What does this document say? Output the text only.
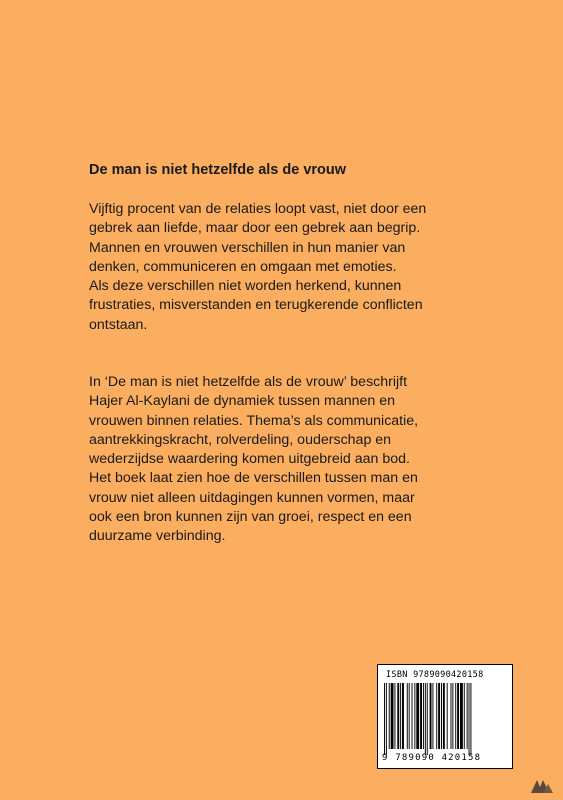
De man is niet hetzelfde als de vrouw
Vijftig procent van de relaties loopt vast, niet door een
gebrek aan liefde, maar door een gebrek aan begrip.
Mannen en vrouwen verschillen in hun manier van
denken, communiceren en omgaan met emoties.
Als deze verschillen niet worden herkend, kunnen
frustraties, misverstanden en terugkerende conflicten
ontstaan.
In ‘De man is niet hetzelfde als de vrouw’ beschrijft
Hajer Al-Kaylani de dynamiek tussen mannen en
vrouwen binnen relaties. Thema’s als communicatie,
aantrekkingskracht, rolverdeling, ouderschap en
wederzijdse waardering komen uitgebreid aan bod.
Het boek laat zien hoe de verschillen tussen man en
vrouw niet alleen uitdagingen kunnen vormen, maar
ook een bron kunnen zijn van groei, respect en een
duurzame verbinding.
ISBN 9789090420158
9 789090 420158
